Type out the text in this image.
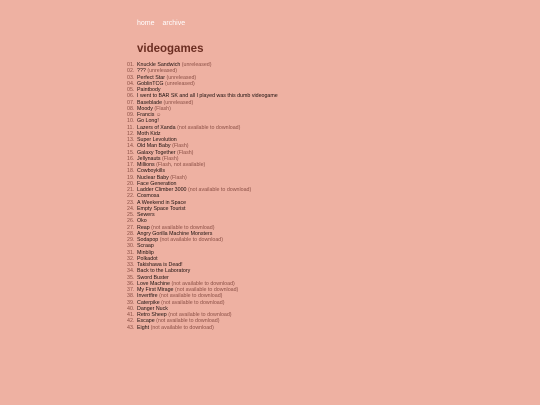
home archive
videogames
01. Knuckle Sandwich (unreleased)
02. ??? (unreleased)
03. Perfect Star (unreleased)
04. GoblinTCG (unreleased)
05. Paintbody
06. I went to BAR SK and all I played was this dumb videogame
07. Baseblade (unreleased)
08. Moody (Flash)
09. Francis ☺
10. Go Long!
11. Lazers of Xanda (not available to download)
12. Moth Kidz
13. Super Levolution
14. Old Man Baby (Flash)
15. Galaxy Together (Flash)
16. Jellynauts (Flash)
17. Millions (Flash, not available)
18. Cowboykills
19. Nuclear Baby (Flash)
20. Face Generation
21. Ladder Climber 3000 (not available to download)
22. Cosmosa
23. A Weekend in Space
24. Empty Space Tourist
25. Sewers
26. Oko
27. Reap (not available to download)
28. Angry Gorilla Machine Monsters
29. Sodapop (not available to download)
30. Scraap
31. Minblip
32. Polkadot
33. Takishawa is Dead!
34. Back to the Laboratory
35. Sword Buster
36. Love Machine (not available to download)
37. My First Mirage (not available to download)
38. Invertfire (not available to download)
39. Caterpike (not available to download)
40. Danger Nuck
41. Retro Sheep (not available to download)
42. Escape (not available to download)
43. Eight (not available to download)
